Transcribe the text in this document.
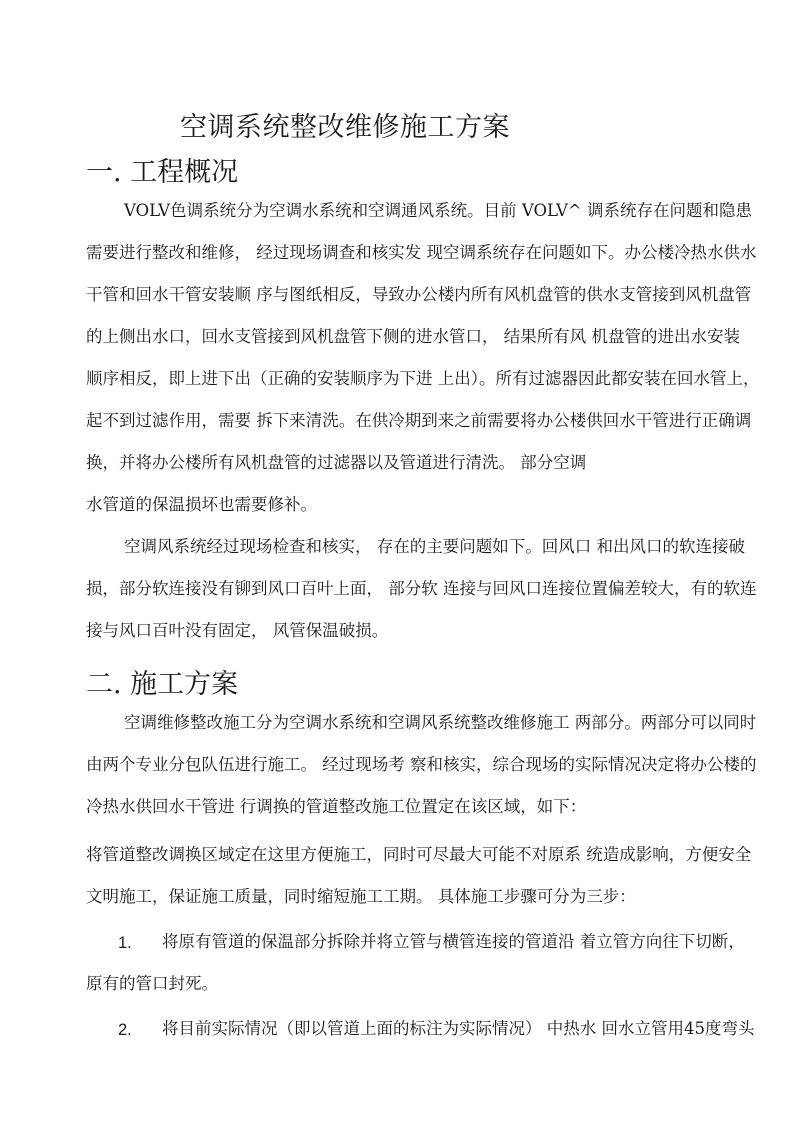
空调系统整改维修施工方案
一. 工程概况
VOLV色调系统分为空调水系统和空调通风系统。目前 VOLV^ 调系统存在问题和隐患
需要进行整改和维修， 经过现场调查和核实发 现空调系统存在问题如下。办公楼冷热水供水
干管和回水干管安装顺 序与图纸相反，导致办公楼内所有风机盘管的供水支管接到风机盘管
的上侧出水口，回水支管接到风机盘管下侧的进水管口， 结果所有风 机盘管的进出水安装
顺序相反，即上进下出（正确的安装顺序为下进 上出）。所有过滤器因此都安装在回水管上，
起不到过滤作用，需要 拆下来清洗。在供冷期到来之前需要将办公楼供回水干管进行正确调
换，并将办公楼所有风机盘管的过滤器以及管道进行清洗。 部分空调
水管道的保温损坏也需要修补。
空调风系统经过现场检查和核实， 存在的主要问题如下。回风口 和出风口的软连接破
损，部分软连接没有铆到风口百叶上面， 部分软 连接与回风口连接位置偏差较大，有的软连
接与风口百叶没有固定， 风管保温破损。
二. 施工方案
空调维修整改施工分为空调水系统和空调风系统整改维修施工 两部分。两部分可以同时
由两个专业分包队伍进行施工。 经过现场考 察和核实，综合现场的实际情况决定将办公楼的
冷热水供回水干管进 行调换的管道整改施工位置定在该区域，如下：
将管道整改调换区域定在这里方便施工，同时可尽最大可能不对原系 统造成影响，方便安全
文明施工，保证施工质量，同时缩短施工工期。 具体施工步骤可分为三步：
1. 将原有管道的保温部分拆除并将立管与横管连接的管道沿 着立管方向往下切断，
原有的管口封死。
2. 将目前实际情况（即以管道上面的标注为实际情况） 中热水 回水立管用45度弯头
